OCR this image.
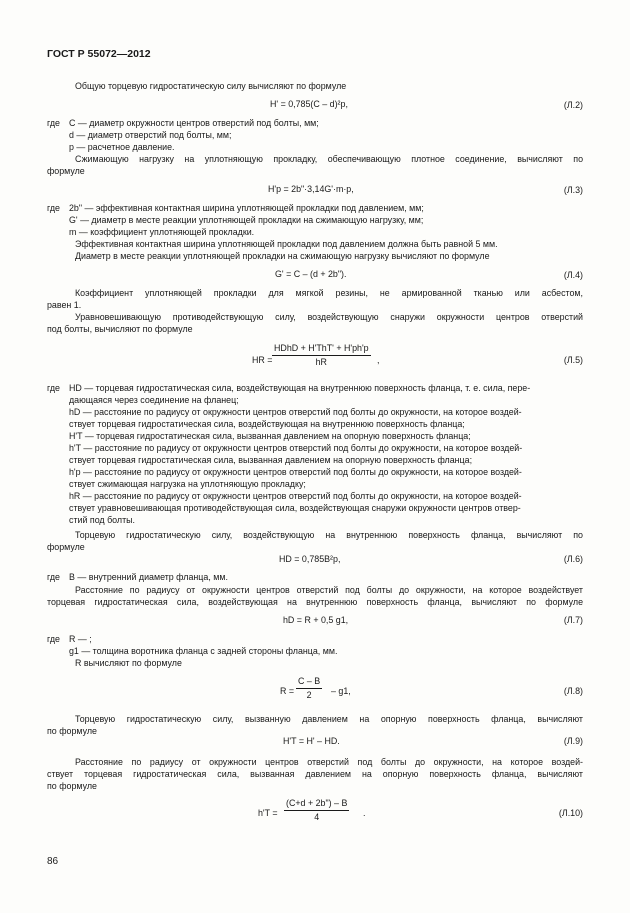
ГОСТ Р 55072—2012
Общую торцевую гидростатическую силу вычисляют по формуле
H' = 0,785(C – d)²p,	(Л.2)
где C — диаметр окружности центров отверстий под болты, мм;
d — диаметр отверстий под болты, мм;
p — расчетное давление.
Сжимающую нагрузку на уплотняющую прокладку, обеспечивающую плотное соединение, вычисляют по
формуле
H'p = 2b"·3,14G'·m·p,	(Л.3)
где 2b" — эффективная контактная ширина уплотняющей прокладки под давлением, мм;
G' — диаметр в месте реакции уплотняющей прокладки на сжимающую нагрузку, мм;
m — коэффициент уплотняющей прокладки.
Эффективная контактная ширина уплотняющей прокладки под давлением должна быть равной 5 мм.
Диаметр в месте реакции уплотняющей прокладки на сжимающую нагрузку вычисляют по формуле
G' = C – (d + 2b").	(Л.4)
Коэффициент уплотняющей прокладки для мягкой резины, не армированной тканью или асбестом,
равен 1.
Уравновешивающую противодействующую силу, воздействующую снаружи окружности центров отверстий
под болты, вычисляют по формуле
HR =
HDhD + H'ThT' + H'ph'p
hR	,	(Л.5)
где HD — торцевая гидростатическая сила, воздействующая на внутреннюю поверхность фланца, т. е. сила, пере-
дающаяся через соединение на фланец;
hD — расстояние по радиусу от окружности центров отверстий под болты до окружности, на которое воздей-
ствует торцевая гидростатическая сила, воздействующая на внутреннюю поверхность фланца;
H'T — торцевая гидростатическая сила, вызванная давлением на опорную поверхность фланца;
h'T — расстояние по радиусу от окружности центров отверстий под болты до окружности, на которое воздей-
ствует торцевая гидростатическая сила, вызванная давлением на опорную поверхность фланца;
h'p — расстояние по радиусу от окружности центров отверстий под болты до окружности, на которое воздей-
ствует сжимающая нагрузка на уплотняющую прокладку;
hR — расстояние по радиусу от окружности центров отверстий под болты до окружности, на которое воздей-
ствует уравновешивающая противодействующая сила, воздействующая снаружи окружности центров отвер-
стий под болты.
Торцевую гидростатическую силу, воздействующую на внутреннюю поверхность фланца, вычисляют по
формуле
HD = 0,785B²p,	(Л.6)
где B — внутренний диаметр фланца, мм.
Расстояние по радиусу от окружности центров отверстий под болты до окружности, на которое воздействует
торцевая гидростатическая сила, воздействующая на внутреннюю поверхность фланца, вычисляют по формуле
hD = R + 0,5 g1,	(Л.7)
где R — ;
g1 — толщина воротника фланца с задней стороны фланца, мм.
R вычисляют по формуле
$R = \frac{C - B}{2} - g1$,	(Л.8)
Торцевую гидростатическую силу, вызванную давлением на опорную поверхность фланца, вычисляют
по формуле
H'T = H' – HD.	(Л.9)
Расстояние по радиусу от окружности центров отверстий под болты до окружности, на которое воздей-
ствует торцевая гидростатическая сила, вызванная давлением на опорную поверхность фланца, вычисляют
по формуле
$h'T = \frac{(C+d + 2b") - B}{4}$ .	(Л.10)
86
